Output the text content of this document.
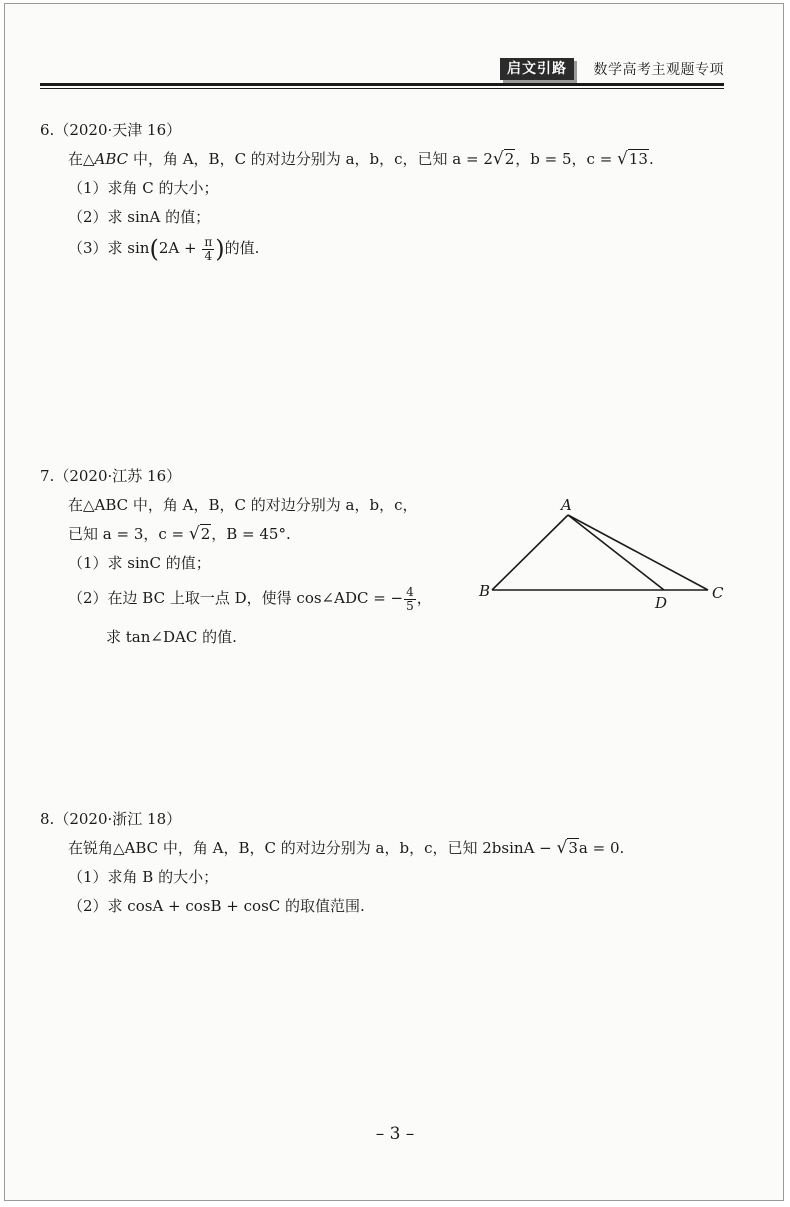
启文引路	数学高考主观题专项
6.（2020·天津 16）
在△ABC 中，角 A，B，C 的对边分别为 a，b，c，已知 a = 2√2，b = 5，c = √13.
（1）求角 C 的大小；
（2）求 sinA 的值；
（3）求 $\sin(2A + \frac{\pi}{4}$ )的值.
7.（2020·江苏 16）
在△ABC 中，角 A，B，C 的对边分别为 a，b，c，
已知 a = 3，c = √2，B = 45°.
（1）求 sinC 的值；
（2）在边 BC 上取一点 D，使得 cos∠ADC = − $\frac{4}{5}$ ，
求 tan∠DAC 的值.
A
B	C
D
8.（2020·浙江 18）
在锐角△ABC 中，角 A，B，C 的对边分别为 a，b，c，已知 2bsinA − √3a = 0.
（1）求角 B 的大小；
（2）求 cosA + cosB + cosC 的取值范围.
– 3 –
